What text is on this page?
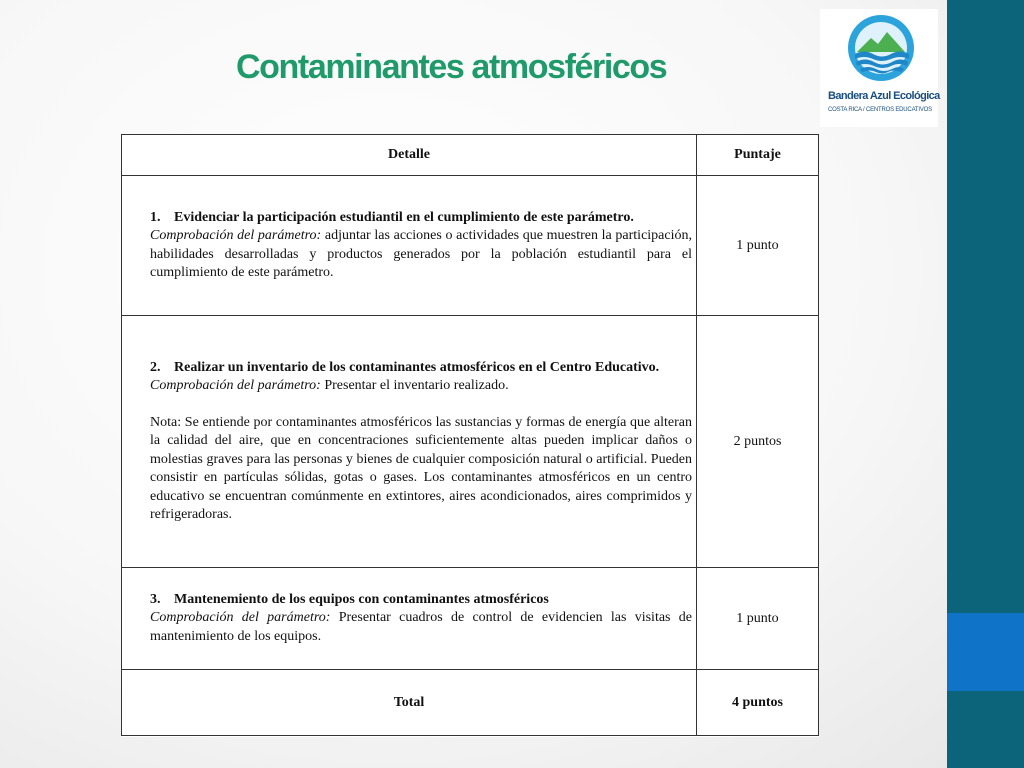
Contaminantes atmosféricos
Bandera Azul Ecológica
COSTA RICA / CENTROS EDUCATIVOS
Detalle	Puntaje

1. Evidenciar la participación estudiantil en el cumplimiento de este parámetro.
Comprobación del parámetro: adjuntar las acciones o actividades que muestren la participación, habilidades desarrolladas y productos generados por la población estudiantil para el cumplimiento de este parámetro.	1 punto

2. Realizar un inventario de los contaminantes atmosféricos en el Centro Educativo.
Comprobación del parámetro: Presentar el inventario realizado.
Nota: Se entiende por contaminantes atmosféricos las sustancias y formas de energía que alteran la calidad del aire, que en concentraciones suficientemente altas pueden implicar daños o molestias graves para las personas y bienes de cualquier composición natural o artificial. Pueden consistir en partículas sólidas, gotas o gases. Los contaminantes atmosféricos en un centro educativo se encuentran comúnmente en extintores, aires acondicionados, aires comprimidos y refrigeradoras.	2 puntos

3. Mantenemiento de los equipos con contaminantes atmosféricos
Comprobación del parámetro: Presentar cuadros de control de evidencien las visitas de mantenimiento de los equipos.	1 punto
Total	4 puntos
